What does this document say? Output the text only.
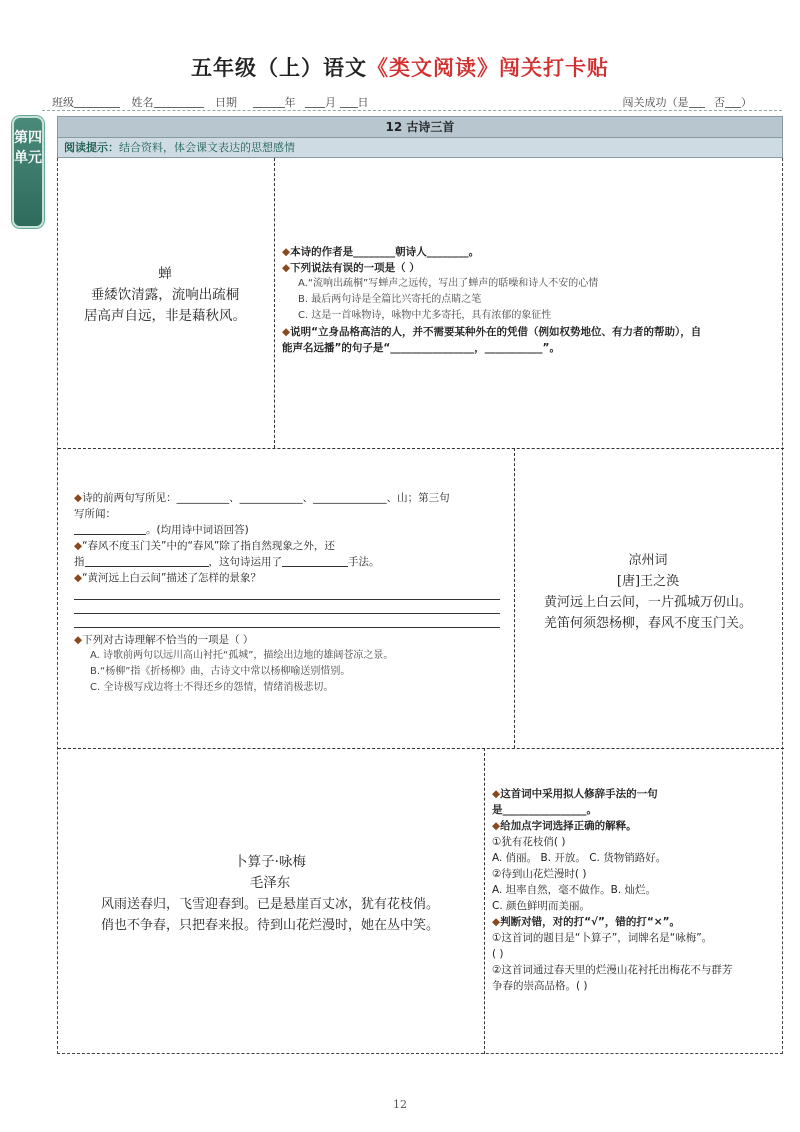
五年级（上）语文《类文阅读》闯关打卡贴
班级	姓名	日期	年	月 日	闯关成功（是 否 ）
第四单元
12 古诗三首
阅读提示：结合资料，体会课文表达的思想感情
蝉
垂緌饮清露，流响出疏桐
居高声自远，非是藉秋风。
◆本诗的作者是________朝诗人________。
◆下列说法有误的一项是（ ）
A.“流响出疏桐”写蝉声之远传，写出了蝉声的聒噪和诗人不安的心情
B. 最后两句诗是全篇比兴寄托的点睛之笔
C. 这是一首咏物诗，咏物中尤多寄托，具有浓郁的象征性
◆说明“立身品格高洁的人，并不需要某种外在的凭借（例如权势地位、有力者的帮助），自
能声名远播”的句子是“________________，___________”。
◆诗的前两句写所见：__________、____________、______________、山；第三句
写所闻：
。(均用诗中词语回答)
◆“春风不度玉门关”中的“春风”除了指自然现象之外，还
指	，这句诗运用了	手法。
◆“黄河远上白云间”描述了怎样的景象？
◆下列对古诗理解不恰当的一项是（ ）
A. 诗歌前两句以远川高山衬托“孤城”，描绘出边地的雄阔苍凉之景。
B.“杨柳”指《折杨柳》曲，古诗文中常以杨柳喻送别惜别。
C. 全诗极写戍边将士不得还乡的怨情，情绪消极悲切。
凉州词
[唐]王之涣
黄河远上白云间，一片孤城万仞山。
羌笛何须怨杨柳，春风不度玉门关。
卜算子·咏梅
毛泽东
风雨送春归，飞雪迎春到。已是悬崖百丈冰，犹有花枝俏。
俏也不争春，只把春来报。待到山花烂漫时，她在丛中笑。
◆这首词中采用拟人修辞手法的一句
是________________。
◆给加点字词选择正确的解释。
①犹有花枝俏( )
A. 俏丽。 B. 开放。 C. 货物销路好。
②待到山花烂漫时( )
A. 坦率自然，毫不做作。B. 灿烂。
C. 颜色鲜明而美丽。
◆判断对错，对的打“√”，错的打“×”。
①这首词的题目是“卜算子”，词牌名是“咏梅”。
( )
②这首词通过春天里的烂漫山花衬托出梅花不与群芳
争春的崇高品格。( )
12
